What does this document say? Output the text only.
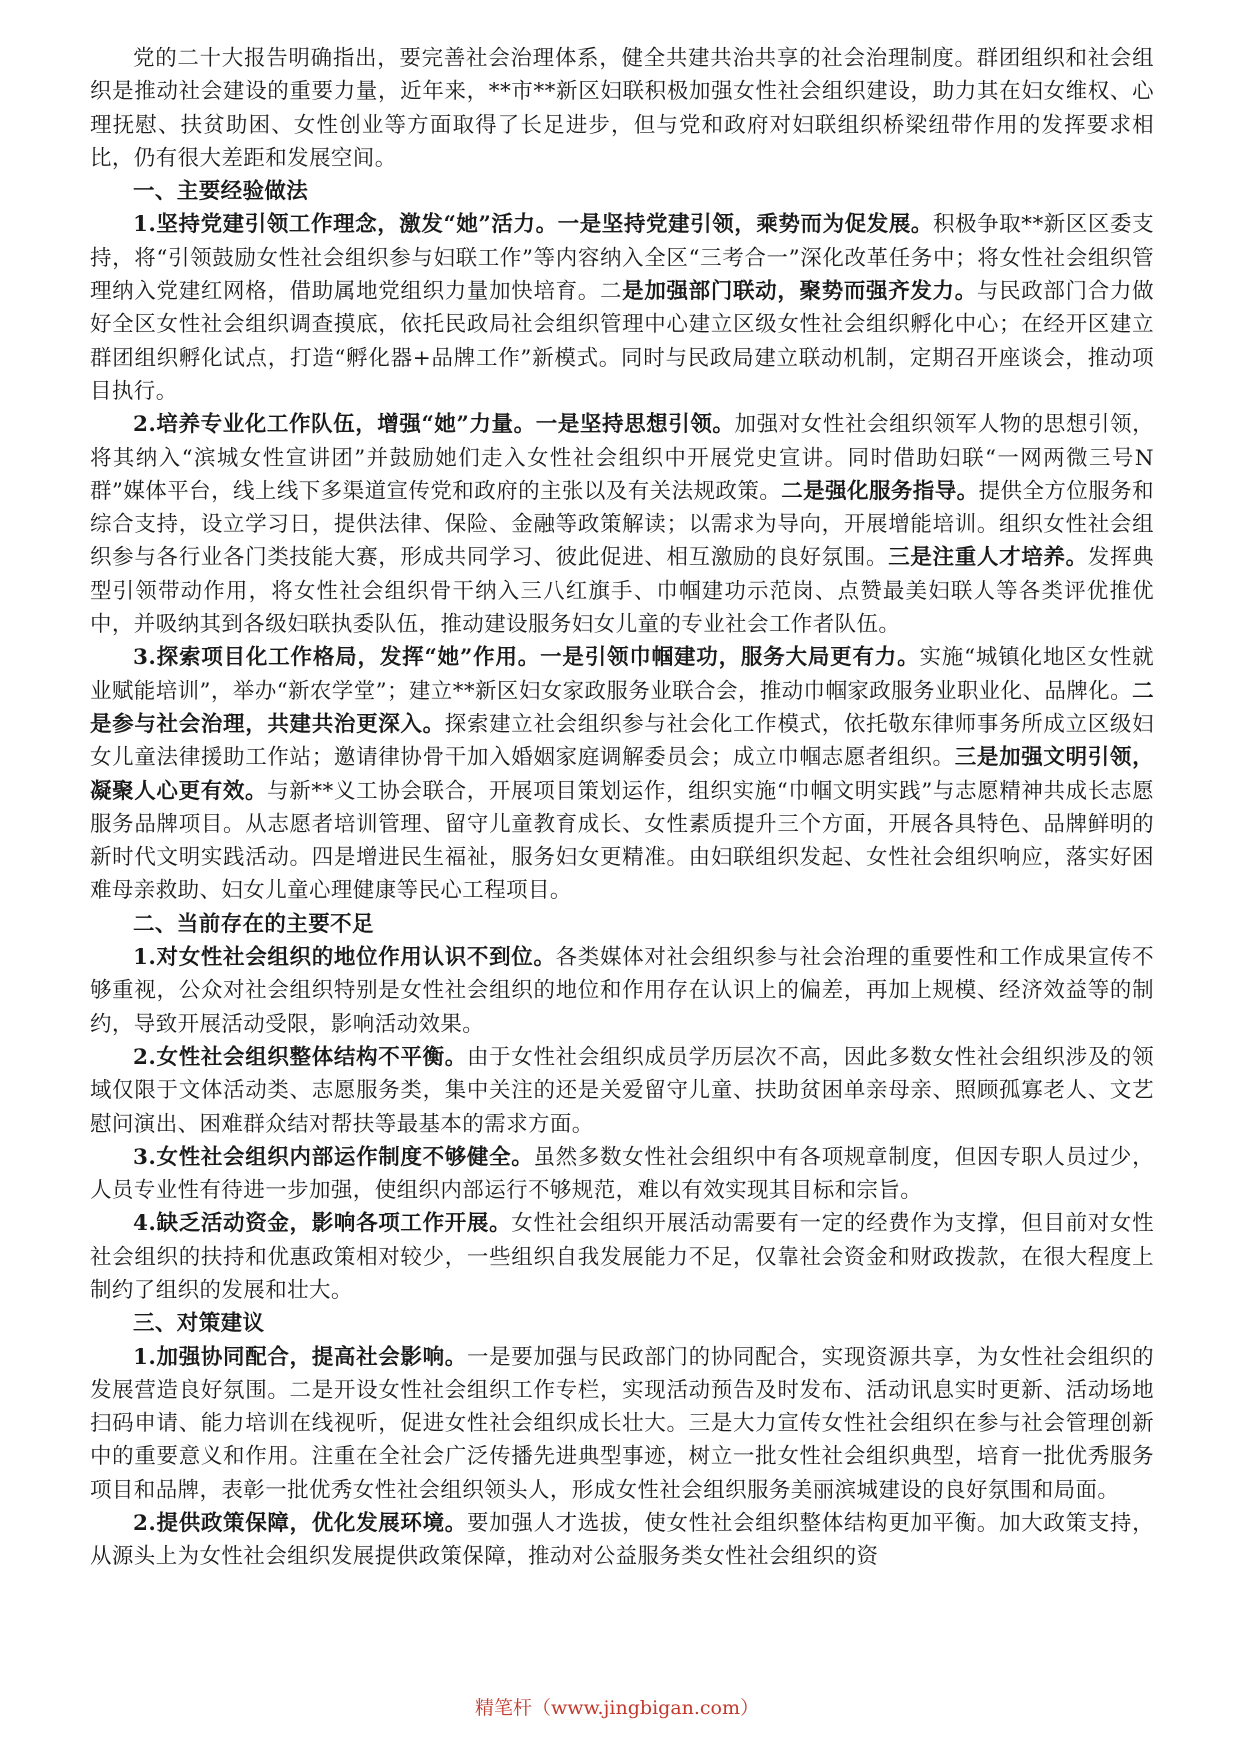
党的二十大报告明确指出，要完善社会治理体系，健全共建共治共享的社会治理制度。群团组织和社会组织是推动社会建设的重要力量，近年来，**市**新区妇联积极加强女性社会组织建设，助力其在妇女维权、心理抚慰、扶贫助困、女性创业等方面取得了长足进步，但与党和政府对妇联组织桥梁纽带作用的发挥要求相比，仍有很大差距和发展空间。

一、主要经验做法

1.坚持党建引领工作理念，激发“她”活力。一是坚持党建引领，乘势而为促发展。积极争取**新区区委支持，将“引领鼓励女性社会组织参与妇联工作”等内容纳入全区“三考合一”深化改革任务中；将女性社会组织管理纳入党建红网格，借助属地党组织力量加快培育。二是加强部门联动，聚势而强齐发力。与民政部门合力做好全区女性社会组织调查摸底，依托民政局社会组织管理中心建立区级女性社会组织孵化中心；在经开区建立群团组织孵化试点，打造“孵化器+品牌工作”新模式。同时与民政局建立联动机制，定期召开座谈会，推动项目执行。

2.培养专业化工作队伍，增强“她”力量。一是坚持思想引领。加强对女性社会组织领军人物的思想引领，将其纳入“滨城女性宣讲团”并鼓励她们走入女性社会组织中开展党史宣讲。同时借助妇联“一网两微三号N群”媒体平台，线上线下多渠道宣传党和政府的主张以及有关法规政策。二是强化服务指导。提供全方位服务和综合支持，设立学习日，提供法律、保险、金融等政策解读；以需求为导向，开展增能培训。组织女性社会组织参与各行业各门类技能大赛，形成共同学习、彼此促进、相互激励的良好氛围。三是注重人才培养。发挥典型引领带动作用，将女性社会组织骨干纳入三八红旗手、巾帼建功示范岗、点赞最美妇联人等各类评优推优中，并吸纳其到各级妇联执委队伍，推动建设服务妇女儿童的专业社会工作者队伍。

3.探索项目化工作格局，发挥“她”作用。一是引领巾帼建功，服务大局更有力。实施“城镇化地区女性就业赋能培训”，举办“新农学堂”；建立**新区妇女家政服务业联合会，推动巾帼家政服务业职业化、品牌化。二是参与社会治理，共建共治更深入。探索建立社会组织参与社会化工作模式，依托敬东律师事务所成立区级妇女儿童法律援助工作站；邀请律协骨干加入婚姻家庭调解委员会；成立巾帼志愿者组织。三是加强文明引领，凝聚人心更有效。与新**义工协会联合，开展项目策划运作，组织实施“巾帼文明实践”与志愿精神共成长志愿服务品牌项目。从志愿者培训管理、留守儿童教育成长、女性素质提升三个方面，开展各具特色、品牌鲜明的新时代文明实践活动。四是增进民生福祉，服务妇女更精准。由妇联组织发起、女性社会组织响应，落实好困难母亲救助、妇女儿童心理健康等民心工程项目。

二、当前存在的主要不足

1.对女性社会组织的地位作用认识不到位。各类媒体对社会组织参与社会治理的重要性和工作成果宣传不够重视，公众对社会组织特别是女性社会组织的地位和作用存在认识上的偏差，再加上规模、经济效益等的制约，导致开展活动受限，影响活动效果。

2.女性社会组织整体结构不平衡。由于女性社会组织成员学历层次不高，因此多数女性社会组织涉及的领域仅限于文体活动类、志愿服务类，集中关注的还是关爱留守儿童、扶助贫困单亲母亲、照顾孤寡老人、文艺慰问演出、困难群众结对帮扶等最基本的需求方面。

3.女性社会组织内部运作制度不够健全。虽然多数女性社会组织中有各项规章制度，但因专职人员过少，人员专业性有待进一步加强，使组织内部运行不够规范，难以有效实现其目标和宗旨。

4.缺乏活动资金，影响各项工作开展。女性社会组织开展活动需要有一定的经费作为支撑，但目前对女性社会组织的扶持和优惠政策相对较少，一些组织自我发展能力不足，仅靠社会资金和财政拨款，在很大程度上制约了组织的发展和壮大。

三、对策建议

1.加强协同配合，提高社会影响。一是要加强与民政部门的协同配合，实现资源共享，为女性社会组织的发展营造良好氛围。二是开设女性社会组织工作专栏，实现活动预告及时发布、活动讯息实时更新、活动场地扫码申请、能力培训在线视听，促进女性社会组织成长壮大。三是大力宣传女性社会组织在参与社会管理创新中的重要意义和作用。注重在全社会广泛传播先进典型事迹，树立一批女性社会组织典型，培育一批优秀服务项目和品牌，表彰一批优秀女性社会组织领头人，形成女性社会组织服务美丽滨城建设的良好氛围和局面。

2.提供政策保障，优化发展环境。要加强人才选拔，使女性社会组织整体结构更加平衡。加大政策支持，从源头上为女性社会组织发展提供政策保障，推动对公益服务类女性社会组织的资

精笔杆（www.jingbigan.com）
